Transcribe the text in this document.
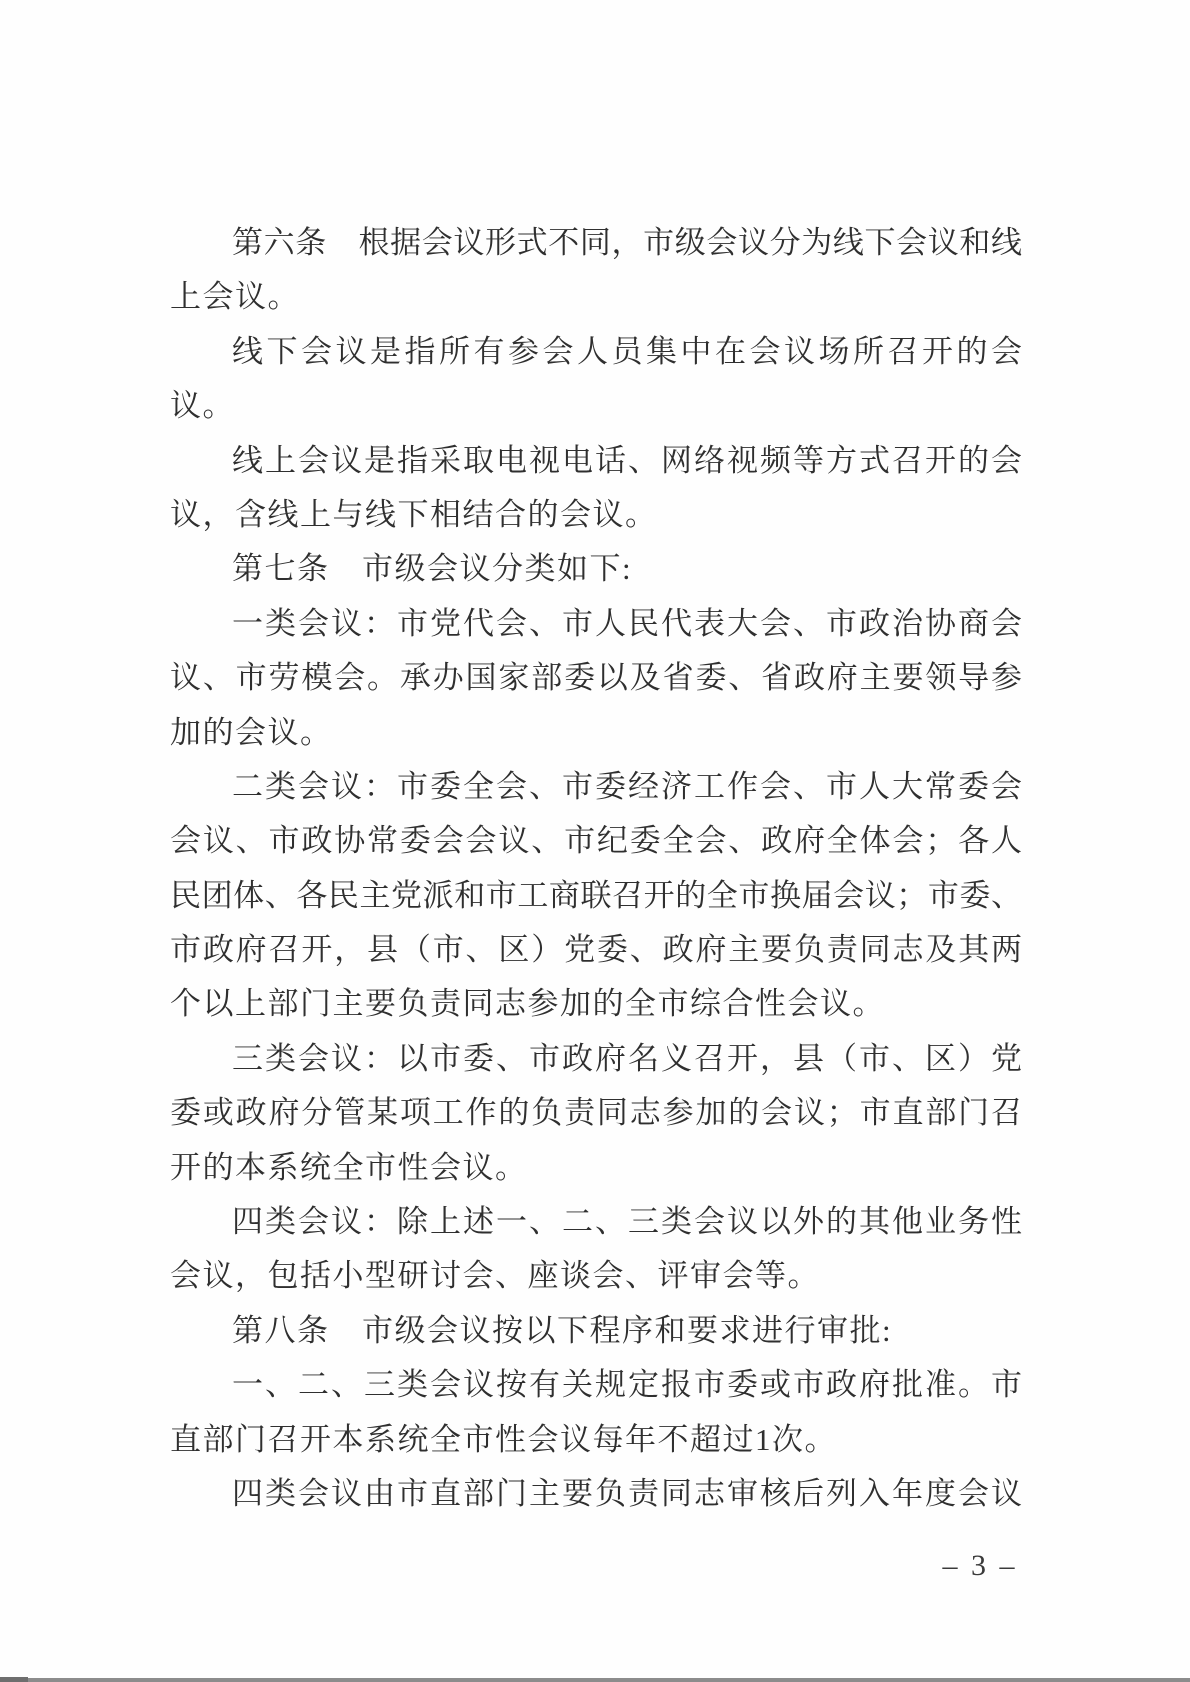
第六条　根据会议形式不同，市级会议分为线下会议和线
上会议。
线下会议是指所有参会人员集中在会议场所召开的会
议。
线上会议是指采取电视电话、网络视频等方式召开的会
议，含线上与线下相结合的会议。
第七条　市级会议分类如下:
一类会议：市党代会、市人民代表大会、市政治协商会
议、市劳模会。承办国家部委以及省委、省政府主要领导参
加的会议。
二类会议：市委全会、市委经济工作会、市人大常委会
会议、市政协常委会会议、市纪委全会、政府全体会；各人
民团体、各民主党派和市工商联召开的全市换届会议；市委、
市政府召开，县（市、区）党委、政府主要负责同志及其两
个以上部门主要负责同志参加的全市综合性会议。
三类会议：以市委、市政府名义召开，县（市、区）党
委或政府分管某项工作的负责同志参加的会议；市直部门召
开的本系统全市性会议。
四类会议：除上述一、二、三类会议以外的其他业务性
会议，包括小型研讨会、座谈会、评审会等。
第八条　市级会议按以下程序和要求进行审批:
一、二、三类会议按有关规定报市委或市政府批准。市
直部门召开本系统全市性会议每年不超过1次。
四类会议由市直部门主要负责同志审核后列入年度会议
– 3 –
